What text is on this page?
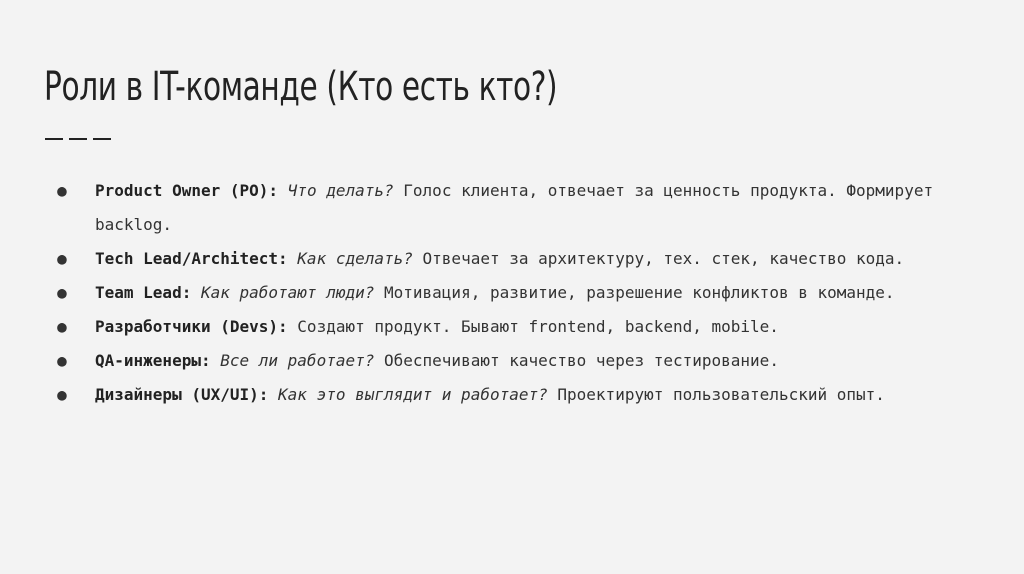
Роли в IT-команде (Кто есть кто?)
● Product Owner (PO): Что делать? Голос клиента, отвечает за ценность продукта. Формирует backlog.
● Tech Lead/Architect: Как сделать? Отвечает за архитектуру, тех. стек, качество кода.
● Team Lead: Как работают люди? Мотивация, развитие, разрешение конфликтов в команде.
● Разработчики (Devs): Создают продукт. Бывают frontend, backend, mobile.
● QA-инженеры: Все ли работает? Обеспечивают качество через тестирование.
● Дизайнеры (UX/UI): Как это выглядит и работает? Проектируют пользовательский опыт.
